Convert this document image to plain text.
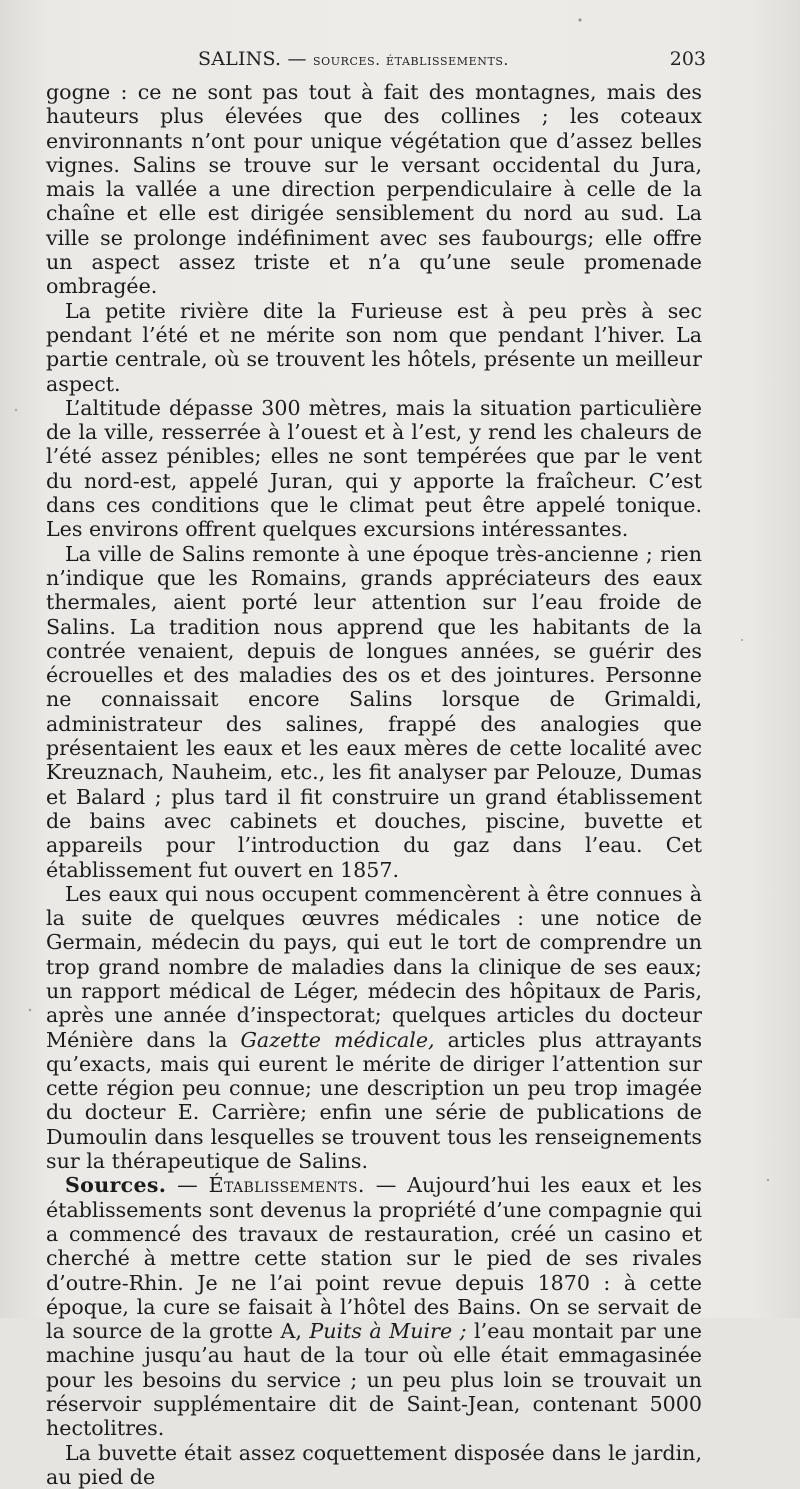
SALINS. — sources. établissements.	203

gogne : ce ne sont pas tout à fait des montagnes, mais des hauteurs plus élevées que des collines ; les coteaux environnants n’ont pour unique végétation que d’assez belles vignes. Salins se trouve sur le versant occidental du Jura, mais la vallée a une direction perpendiculaire à celle de la chaîne et elle est dirigée sensiblement du nord au sud. La ville se prolonge indéfiniment avec ses faubourgs; elle offre un aspect assez triste et n’a qu’une seule promenade ombragée.

La petite rivière dite la Furieuse est à peu près à sec pendant l’été et ne mérite son nom que pendant l’hiver. La partie centrale, où se trouvent les hôtels, présente un meilleur aspect.

L’altitude dépasse 300 mètres, mais la situation particulière de la ville, resserrée à l’ouest et à l’est, y rend les chaleurs de l’été assez pénibles; elles ne sont tempérées que par le vent du nord-est, appelé Juran, qui y apporte la fraîcheur. C’est dans ces conditions que le climat peut être appelé tonique. Les environs offrent quelques excursions intéressantes.

La ville de Salins remonte à une époque très-ancienne ; rien n’indique que les Romains, grands appréciateurs des eaux thermales, aient porté leur attention sur l’eau froide de Salins. La tradition nous apprend que les habitants de la contrée venaient, depuis de longues années, se guérir des écrouelles et des maladies des os et des jointures. Personne ne connaissait encore Salins lorsque de Grimaldi, administrateur des salines, frappé des analogies que présentaient les eaux et les eaux mères de cette localité avec Kreuznach, Nauheim, etc., les fit analyser par Pelouze, Dumas et Balard ; plus tard il fit construire un grand établissement de bains avec cabinets et douches, piscine, buvette et appareils pour l’introduction du gaz dans l’eau. Cet établissement fut ouvert en 1857.

Les eaux qui nous occupent commencèrent à être connues à la suite de quelques œuvres médicales : une notice de Germain, médecin du pays, qui eut le tort de comprendre un trop grand nombre de maladies dans la clinique de ses eaux; un rapport médical de Léger, médecin des hôpitaux de Paris, après une année d’inspectorat; quelques articles du docteur Ménière dans la Gazette médicale, articles plus attrayants qu’exacts, mais qui eurent le mérite de diriger l’attention sur cette région peu connue; une description un peu trop imagée du docteur E. Carrière; enfin une série de publications de Dumoulin dans lesquelles se trouvent tous les renseignements sur la thérapeutique de Salins.

Sources. — Établissements. — Aujourd’hui les eaux et les établissements sont devenus la propriété d’une compagnie qui a commencé des travaux de restauration, créé un casino et cherché à mettre cette station sur le pied de ses rivales d’outre-Rhin. Je ne l’ai point revue depuis 1870 : à cette époque, la cure se faisait à l’hôtel des Bains. On se servait de la source de la grotte A, Puits à Muire ; l’eau montait par une machine jusqu’au haut de la tour où elle était emmagasinée pour les besoins du service ; un peu plus loin se trouvait un réservoir supplémentaire dit de Saint-Jean, contenant 5000 hectolitres.

La buvette était assez coquettement disposée dans le jardin, au pied de
